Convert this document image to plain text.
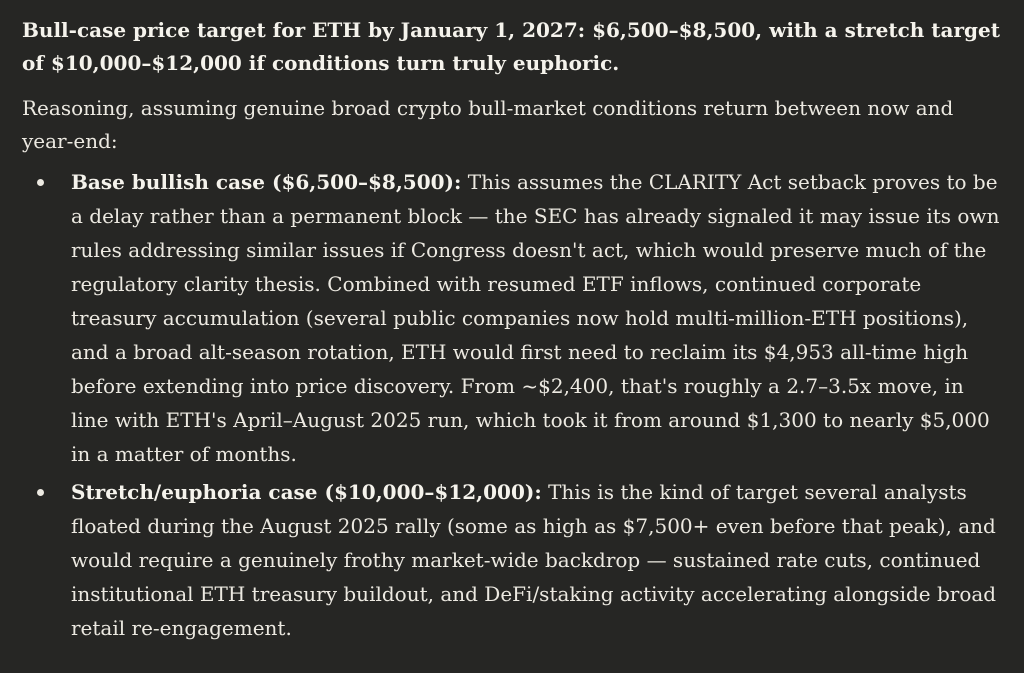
Bull-case price target for ETH by January 1, 2027: $6,500–$8,500, with a stretch target of $10,000–$12,000 if conditions turn truly euphoric.

Reasoning, assuming genuine broad crypto bull-market conditions return between now and year-end:

Base bullish case ($6,500–$8,500): This assumes the CLARITY Act setback proves to be a delay rather than a permanent block — the SEC has already signaled it may issue its own rules addressing similar issues if Congress doesn't act, which would preserve much of the regulatory clarity thesis. Combined with resumed ETF inflows, continued corporate treasury accumulation (several public companies now hold multi-million-ETH positions), and a broad alt-season rotation, ETH would first need to reclaim its $4,953 all-time high before extending into price discovery. From ~$2,400, that's roughly a 2.7–3.5x move, in line with ETH's April–August 2025 run, which took it from around $1,300 to nearly $5,000 in a matter of months.
Stretch/euphoria case ($10,000–$12,000): This is the kind of target several analysts floated during the August 2025 rally (some as high as $7,500+ even before that peak), and would require a genuinely frothy market-wide backdrop — sustained rate cuts, continued institutional ETH treasury buildout, and DeFi/staking activity accelerating alongside broad retail re-engagement.
